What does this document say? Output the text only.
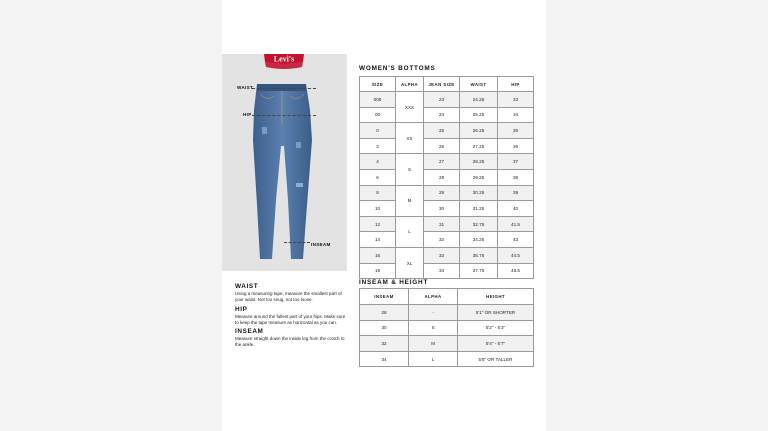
Levi's
WAIST
HIP
INSEAM
WOMEN'S BOTTOMS
SIZE	ALPHA	JEAN SIZE	WAIST	HIP
000	XXS	23	24.25	33
00		24	25.25	34
0	XS	25	26.25	35
2		26	27.25	36
4	S	27	28.25	37
6		28	29.25	38
8	M	29	30.25	39
10		30	31.25	40
12	L	31	32.75	41.5
14		32	34.25	43
16	XL	33	35.75	44.5
18		34	37.75	46.5
INSEAM & HEIGHT
INSEAM	ALPHA	HEIGHT
28	-	5'1" OR SHORTER
30	S	5'2" - 5'3"
32	M	5'4" - 5'7"
34	L	5'8" OR TALLER
WAIST

Using a measuring tape, measure the smallest part of your waist. Not too snug, not too loose.

HIP

Measure around the fullest part of your hips. Make sure to keep the tape measure as horizontal as you can.

INSEAM

Measure straight down the inside leg from the crotch to the ankle.
